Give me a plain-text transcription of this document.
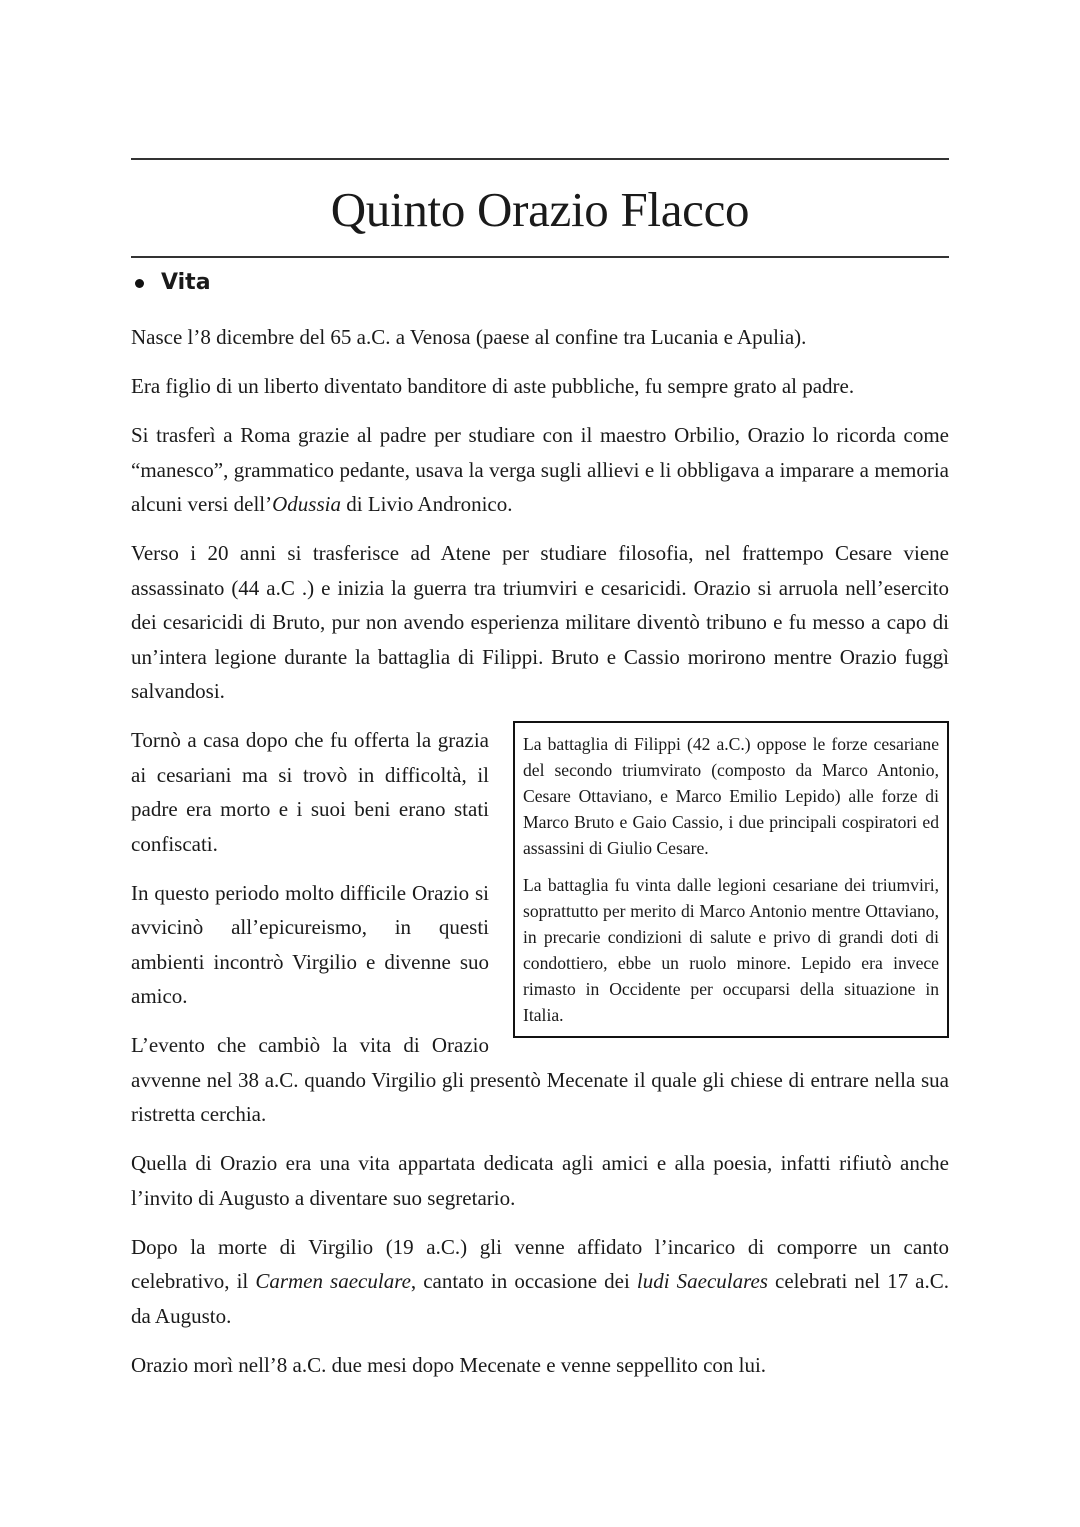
Quinto Orazio Flacco
Vita

Nasce l’8 dicembre del 65 a.C. a Venosa (paese al confine tra Lucania e Apulia).

Era figlio di un liberto diventato banditore di aste pubbliche, fu sempre grato al padre.

Si trasferì a Roma grazie al padre per studiare con il maestro Orbilio, Orazio lo ricorda come “manesco”, grammatico pedante, usava la verga sugli allievi e li obbligava a imparare a memoria alcuni versi dell’Odussia di Livio Andronico.

Verso i 20 anni si trasferisce ad Atene per studiare filosofia, nel frattempo Cesare viene assassinato (44 a.C .) e inizia la guerra tra triumviri e cesaricidi. Orazio si arruola nell’esercito dei cesaricidi di Bruto, pur non avendo esperienza militare diventò tribuno e fu messo a capo di un’intera legione durante la battaglia di Filippi. Bruto e Cassio morirono mentre Orazio fuggì salvandosi.

La battaglia di Filippi (42 a.C.) oppose le forze cesariane del secondo triumvirato (composto da Marco Antonio, Cesare Ottaviano, e Marco Emilio Lepido) alle forze di Marco Bruto e Gaio Cassio, i due principali cospiratori ed assassini di Giulio Cesare.

La battaglia fu vinta dalle legioni cesariane dei triumviri, soprattutto per merito di Marco Antonio mentre Ottaviano, in precarie condizioni di salute e privo di grandi doti di condottiero, ebbe un ruolo minore. Lepido era invece rimasto in Occidente per occuparsi della situazione in Italia.

Tornò a casa dopo che fu offerta la grazia ai cesariani ma si trovò in difficoltà, il padre era morto e i suoi beni erano stati confiscati.

In questo periodo molto difficile Orazio si avvicinò all’epicureismo, in questi ambienti incontrò Virgilio e divenne suo amico.

L’evento che cambiò la vita di Orazio avvenne nel 38 a.C. quando Virgilio gli presentò Mecenate il quale gli chiese di entrare nella sua ristretta cerchia.

Quella di Orazio era una vita appartata dedicata agli amici e alla poesia, infatti rifiutò anche l’invito di Augusto a diventare suo segretario.

Dopo la morte di Virgilio (19 a.C.) gli venne affidato l’incarico di comporre un canto celebrativo, il Carmen saeculare, cantato in occasione dei ludi Saeculares celebrati nel 17 a.C. da Augusto.

Orazio morì nell’8 a.C. due mesi dopo Mecenate e venne seppellito con lui.
